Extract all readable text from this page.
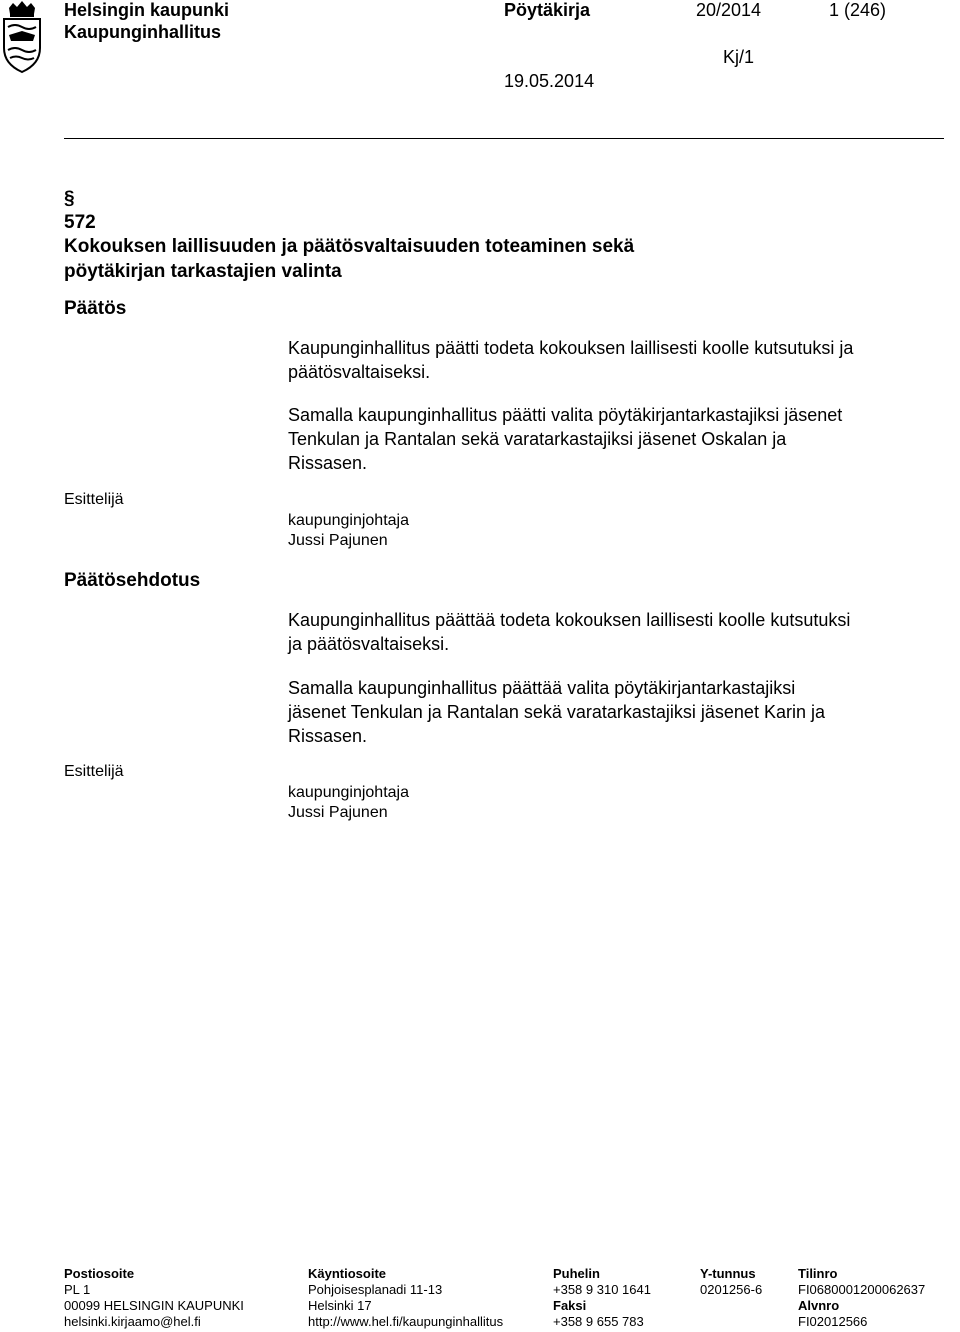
Helsingin kaupunki
Kaupunginhallitus
Pöytäkirja	20/2014	1 (246)
Kj/1
19.05.2014
§
572
Kokouksen laillisuuden ja päätösvaltaisuuden toteaminen sekä
pöytäkirjan tarkastajien valinta
Päätös
Kaupunginhallitus päätti todeta kokouksen laillisesti koolle kutsutuksi ja
päätösvaltaiseksi.
Samalla kaupunginhallitus päätti valita pöytäkirjantarkastajiksi jäsenet
Tenkulan ja Rantalan sekä varatarkastajiksi jäsenet Oskalan ja
Rissasen.
Esittelijä
kaupunginjohtaja
Jussi Pajunen
Päätösehdotus
Kaupunginhallitus päättää todeta kokouksen laillisesti koolle kutsutuksi
ja päätösvaltaiseksi.
Samalla kaupunginhallitus päättää valita pöytäkirjantarkastajiksi
jäsenet Tenkulan ja Rantalan sekä varatarkastajiksi jäsenet Karin ja
Rissasen.
Esittelijä
kaupunginjohtaja
Jussi Pajunen
Postiosoite
PL 1
00099 HELSINGIN KAUPUNKI
helsinki.kirjaamo@hel.fi
Käyntiosoite
Pohjoisesplanadi 11-13
Helsinki 17
http://www.hel.fi/kaupunginhallitus
Puhelin
+358 9 310 1641
Faksi
+358 9 655 783
Y-tunnus
0201256-6
Tilinro
FI0680001200062637
Alvnro
FI02012566
